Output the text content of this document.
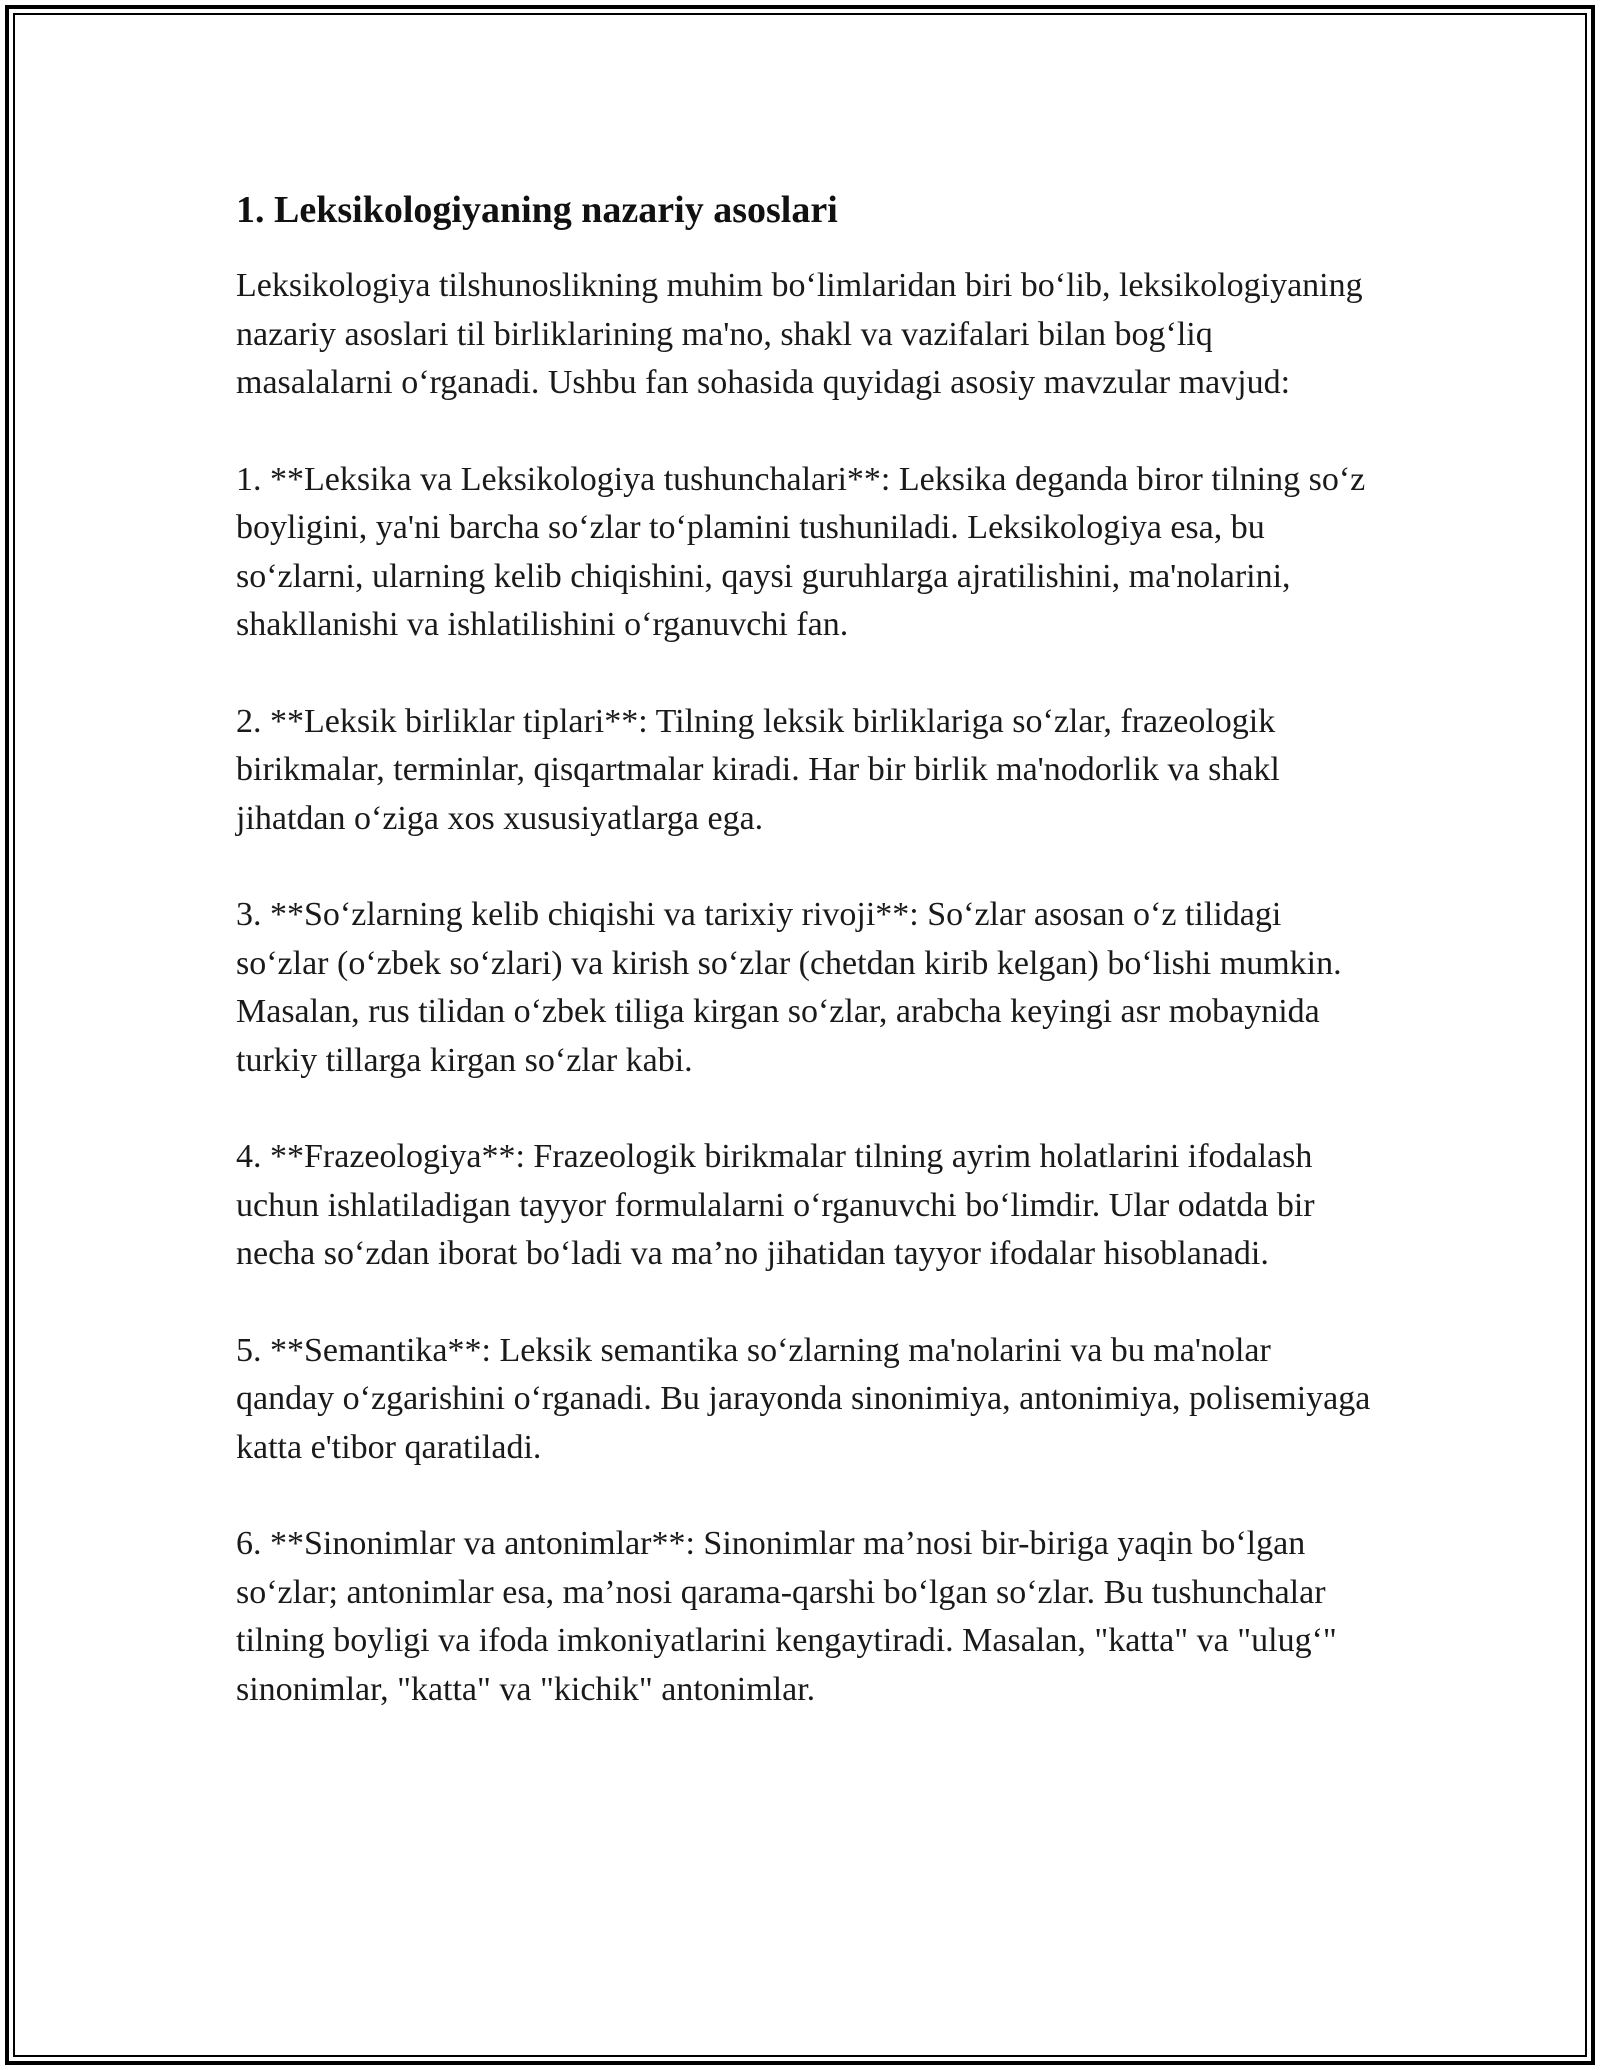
1. Leksikologiyaning nazariy asoslari

Leksikologiya tilshunoslikning muhim bo‘limlaridan biri bo‘lib, leksikologiyaning nazariy asoslari til birliklarining ma'no, shakl va vazifalari bilan bog‘liq masalalarni o‘rganadi. Ushbu fan sohasida quyidagi asosiy mavzular mavjud:

1. **Leksika va Leksikologiya tushunchalari**: Leksika deganda biror tilning so‘z boyligini, ya'ni barcha so‘zlar to‘plamini tushuniladi. Leksikologiya esa, bu so‘zlarni, ularning kelib chiqishini, qaysi guruhlarga ajratilishini, ma'nolarini, shakllanishi va ishlatilishini o‘rganuvchi fan.

2. **Leksik birliklar tiplari**: Tilning leksik birliklariga so‘zlar, frazeologik birikmalar, terminlar, qisqartmalar kiradi. Har bir birlik ma'nodorlik va shakl jihatdan o‘ziga xos xususiyatlarga ega.

3. **So‘zlarning kelib chiqishi va tarixiy rivoji**: So‘zlar asosan o‘z tilidagi so‘zlar (o‘zbek so‘zlari) va kirish so‘zlar (chetdan kirib kelgan) bo‘lishi mumkin. Masalan, rus tilidan o‘zbek tiliga kirgan so‘zlar, arabcha keyingi asr mobaynida turkiy tillarga kirgan so‘zlar kabi.

4. **Frazeologiya**: Frazeologik birikmalar tilning ayrim holatlarini ifodalash uchun ishlatiladigan tayyor formulalarni o‘rganuvchi bo‘limdir. Ular odatda bir necha so‘zdan iborat bo‘ladi va ma’no jihatidan tayyor ifodalar hisoblanadi.

5. **Semantika**: Leksik semantika so‘zlarning ma'nolarini va bu ma'nolar qanday o‘zgarishini o‘rganadi. Bu jarayonda sinonimiya, antonimiya, polisemiyaga katta e'tibor qaratiladi.

6. **Sinonimlar va antonimlar**: Sinonimlar ma’nosi bir-biriga yaqin bo‘lgan so‘zlar; antonimlar esa, ma’nosi qarama-qarshi bo‘lgan so‘zlar. Bu tushunchalar tilning boyligi va ifoda imkoniyatlarini kengaytiradi. Masalan, "katta" va "ulug‘" sinonimlar, "katta" va "kichik" antonimlar.
